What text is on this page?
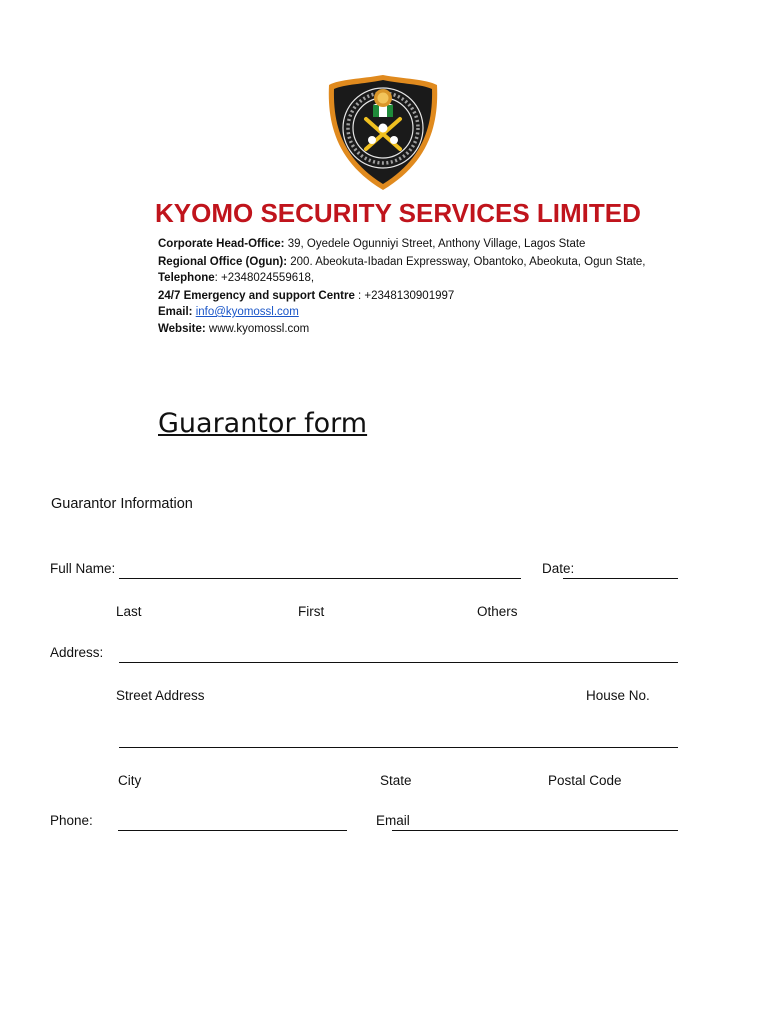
KYOMO SECURITY SERVICES LIMITED
Corporate Head-Office: 39, Oyedele Ogunniyi Street, Anthony Village, Lagos State
Regional Office (Ogun): 200. Abeokuta-Ibadan Expressway, Obantoko, Abeokuta, Ogun State,
Telephone: +2348024559618,
24/7 Emergency and support Centre : +2348130901997
Email: info@kyomossl.com
Website: www.kyomossl.com
Guarantor form
Guarantor Information
Full Name:	Date:
Last	First	Others
Address:
Street Address	House No.
City	State	Postal Code
Phone:	Email
